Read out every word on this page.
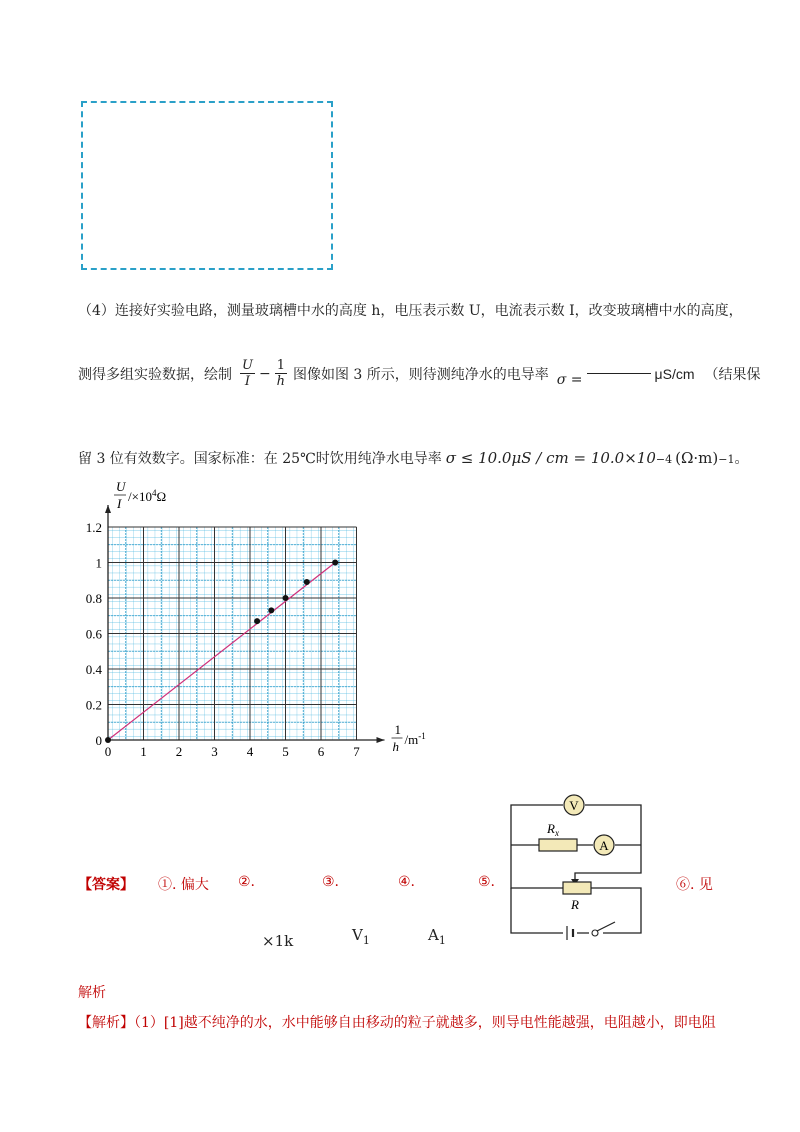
（4）连接好实验电路，测量玻璃槽中水的高度 h，电压表示数 U，电流表示数 I，改变玻璃槽中水的高度，
测得多组实验数据，绘制 $\frac{U}{I} - \frac{1}{h}$ 图像如图 3 所示，则待测纯净水的电导率 σ =	μS/cm （结果保
留 3 位有效数字。国家标准：在 25℃时饮用纯净水电导率 σ ≤ 10.0μS / cm = 10.0×10 −4 (Ω·m) −1 。
0 1 2 3 4 5 6 7
0
0.2
0.4
0.6
0.8
1
1.2
U
I $/\times 10^4\Omega$
1
h $/m^{-1}$
【答案】 ①. 偏大 ②.	③.	④.	⑤.	⑥. 见
×1k	$V_1$	$A_1$
V
A
$R_x$
R
解析
【解析】（1）[1]越不纯净的水，水中能够自由移动的粒子就越多，则导电性能越强，电阻越小，即电阻
